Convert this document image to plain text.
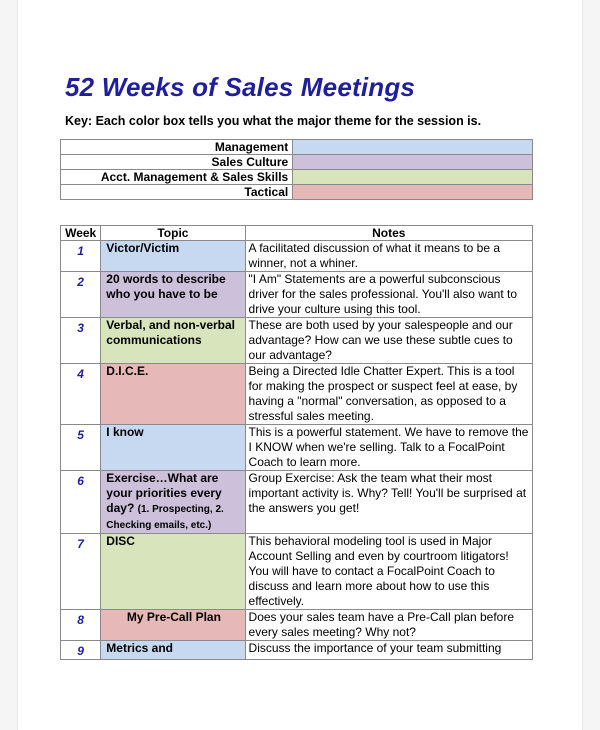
52 Weeks of Sales Meetings
Key: Each color box tells you what the major theme for the session is.
Management	
Sales Culture	
Acct. Management & Sales Skills	
Tactical	
Week	Topic	Notes
1	Victor/Victim	A facilitated discussion of what it means to be a winner, not a whiner.
2	20 words to describe who you have to be	"I Am" Statements are a powerful subconscious driver for the sales professional. You'll also want to drive your culture using this tool.
3	Verbal, and non-verbal communications	These are both used by your salespeople and our advantage? How can we use these subtle cues to our advantage?
4	D.I.C.E.	Being a Directed Idle Chatter Expert. This is a tool for making the prospect or suspect feel at ease, by having a "normal" conversation, as opposed to a stressful sales meeting.
5	I know	This is a powerful statement. We have to remove the I KNOW when we're selling. Talk to a FocalPoint Coach to learn more.
6	Exercise…What are your priorities every day? (1. Prospecting, 2. Checking emails, etc.)	Group Exercise: Ask the team what their most important activity is. Why? Tell! You'll be surprised at the answers you get!
7	DISC	This behavioral modeling tool is used in Major Account Selling and even by courtroom litigators! You will have to contact a FocalPoint Coach to discuss and learn more about how to use this effectively.
8	My Pre-Call Plan	Does your sales team have a Pre-Call plan before every sales meeting? Why not?
9	Metrics and	Discuss the importance of your team submitting
